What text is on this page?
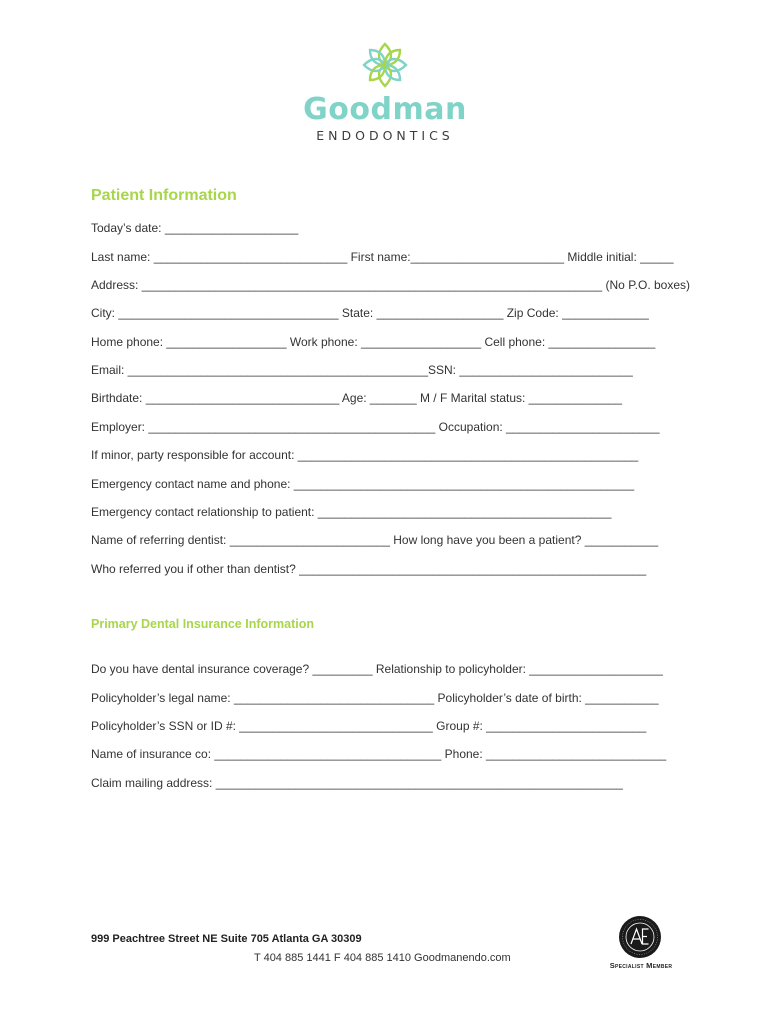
Goodman
ENDODONTICS
Patient Information
Today’s date: ____________________
Last name: _____________________________ First name:_______________________ Middle initial: _____
Address: _____________________________________________________________________ (No P.O. boxes)
City: _________________________________ State: ___________________ Zip Code: _____________
Home phone: __________________ Work phone: __________________ Cell phone: ________________
Email: _____________________________________________SSN: __________________________
Birthdate: _____________________________ Age: _______ M / F Marital status: ______________
Employer: ___________________________________________ Occupation: _______________________
If minor, party responsible for account: ___________________________________________________
Emergency contact name and phone: ___________________________________________________
Emergency contact relationship to patient: ____________________________________________
Name of referring dentist: ________________________ How long have you been a patient? ___________
Who referred you if other than dentist? ____________________________________________________
Primary Dental Insurance Information
Do you have dental insurance coverage? _________ Relationship to policyholder: ____________________
Policyholder’s legal name: ______________________________ Policyholder’s date of birth: ___________
Policyholder’s SSN or ID #: _____________________________ Group #: ________________________
Name of insurance co: __________________________________ Phone: ___________________________
Claim mailing address: _____________________________________________________________
999 Peachtree Street NE Suite 705 Atlanta GA 30309
T 404 885 1441 F 404 885 1410 Goodmanendo.com
Specialist Member
